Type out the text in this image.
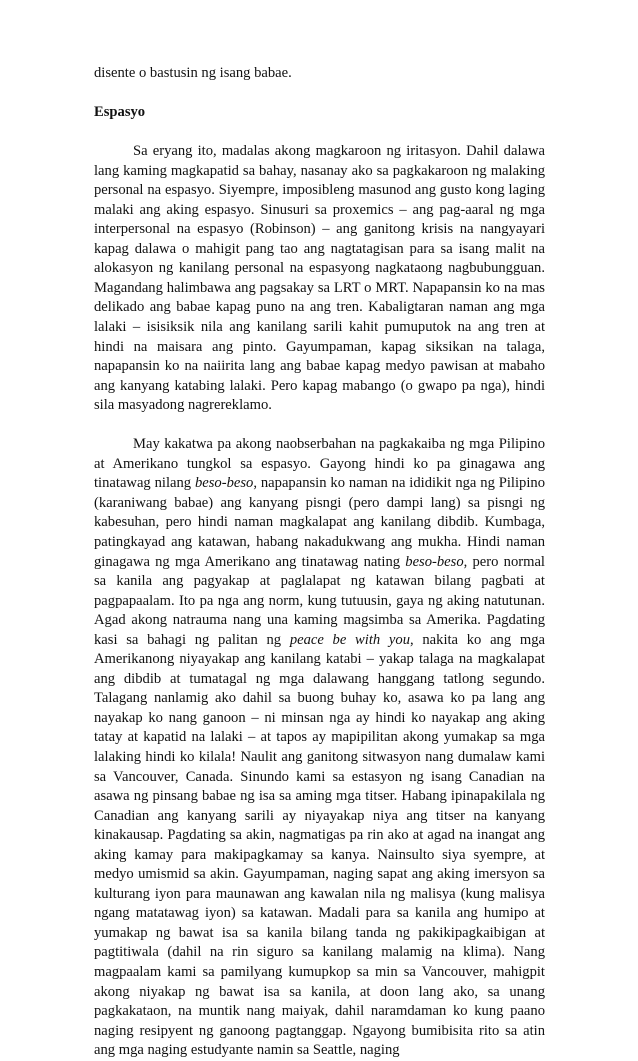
disente o bastusin ng isang babae.

Espasyo

Sa eryang ito, madalas akong magkaroon ng iritasyon. Dahil dalawa lang kaming magkapatid sa bahay, nasanay ako sa pagkakaroon ng malaking personal na espasyo. Siyempre, imposibleng masunod ang gusto kong laging malaki ang aking espasyo. Sinusuri sa proxemics – ang pag-aaral ng mga interpersonal na espasyo (Robinson) – ang ganitong krisis na nangyayari kapag dalawa o mahigit pang tao ang nagtatagisan para sa isang malit na alokasyon ng kanilang personal na espasyong nagkataong nagbubungguan. Magandang halimbawa ang pagsakay sa LRT o MRT. Napapansin ko na mas delikado ang babae kapag puno na ang tren. Kabaligtaran naman ang mga lalaki – isisiksik nila ang kanilang sarili kahit pumuputok na ang tren at hindi na maisara ang pinto. Gayumpaman, kapag siksikan na talaga, napapansin ko na naiirita lang ang babae kapag medyo pawisan at mabaho ang kanyang katabing lalaki. Pero kapag mabango (o gwapo pa nga), hindi sila masyadong nagrereklamo.

May kakatwa pa akong naobserbahan na pagkakaiba ng mga Pilipino at Amerikano tungkol sa espasyo. Gayong hindi ko pa ginagawa ang tinatawag nilang beso-beso, napapansin ko naman na ididikit nga ng Pilipino (karaniwang babae) ang kanyang pisngi (pero dampi lang) sa pisngi ng kabesuhan, pero hindi naman magkalapat ang kanilang dibdib. Kumbaga, patingkayad ang katawan, habang nakadukwang ang mukha. Hindi naman ginagawa ng mga Amerikano ang tinatawag nating beso-beso, pero normal sa kanila ang pagyakap at paglalapat ng katawan bilang pagbati at pagpapaalam. Ito pa nga ang norm, kung tutuusin, gaya ng aking natutunan. Agad akong natrauma nang una kaming magsimba sa Amerika. Pagdating kasi sa bahagi ng palitan ng peace be with you, nakita ko ang mga Amerikanong niyayakap ang kanilang katabi – yakap talaga na magkalapat ang dibdib at tumatagal ng mga dalawang hanggang tatlong segundo. Talagang nanlamig ako dahil sa buong buhay ko, asawa ko pa lang ang nayakap ko nang ganoon – ni minsan nga ay hindi ko nayakap ang aking tatay at kapatid na lalaki – at tapos ay mapipilitan akong yumakap sa mga lalaking hindi ko kilala! Naulit ang ganitong sitwasyon nang dumalaw kami sa Vancouver, Canada. Sinundo kami sa estasyon ng isang Canadian na asawa ng pinsang babae ng isa sa aming mga titser. Habang ipinapakilala ng Canadian ang kanyang sarili ay niyayakap niya ang titser na kanyang kinakausap. Pagdating sa akin, nagmatigas pa rin ako at agad na inangat ang aking kamay para makipagkamay sa kanya. Nainsulto siya syempre, at medyo umismid sa akin. Gayumpaman, naging sapat ang aking imersyon sa kulturang iyon para maunawan ang kawalan nila ng malisya (kung malisya ngang matatawag iyon) sa katawan. Madali para sa kanila ang humipo at yumakap ng bawat isa sa kanila bilang tanda ng pakikipagkaibigan at pagtitiwala (dahil na rin siguro sa kanilang malamig na klima). Nang magpaalam kami sa pamilyang kumupkop sa min sa Vancouver, mahigpit akong niyakap ng bawat isa sa kanila, at doon lang ako, sa unang pagkakataon, na muntik nang maiyak, dahil naramdaman ko kung paano naging resipyent ng ganoong pagtanggap. Ngayong bumibisita rito sa atin ang mga naging estudyante namin sa Seattle, naging
